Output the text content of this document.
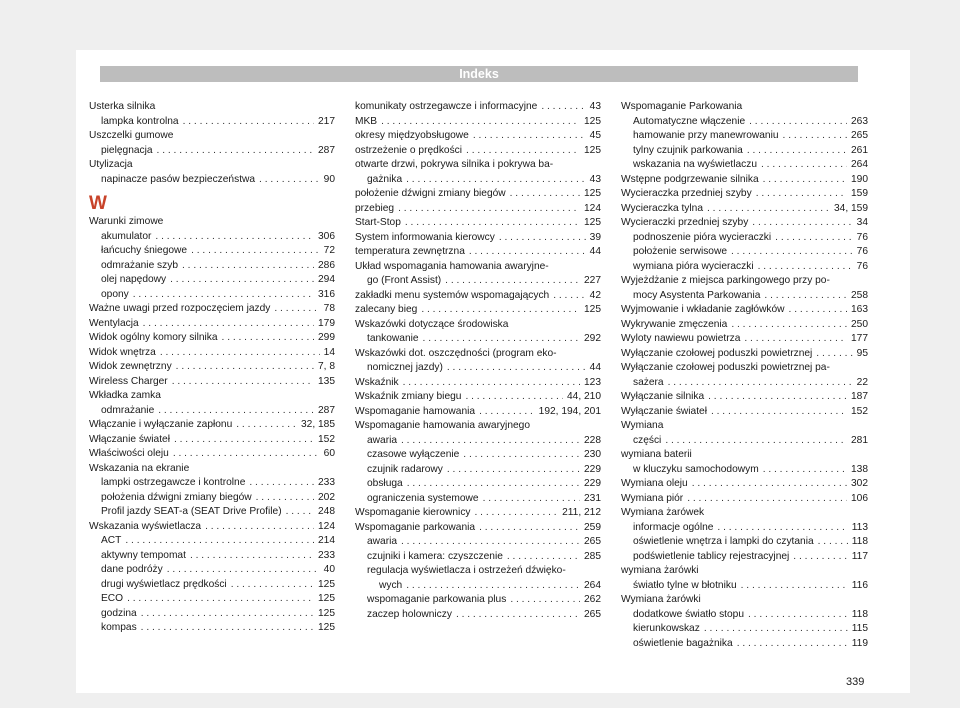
Indeks
Usterka silnika
lampka kontrolna . . .	217
Uszczelki gumowe
pielęgnacja . . .	287
Utylizacja
napinacze pasów bezpieczeństwa . . .	90
W
Warunki zimowe
akumulator . . .	306
łańcuchy śniegowe . . .	72
odmrażanie szyb . . .	286
olej napędowy . . .	294
opony . . .	316
Ważne uwagi przed rozpoczęciem jazdy . . .	78
Wentylacja . . .	179
Widok ogólny komory silnika . . .	299
Widok wnętrza . . .	14
Widok zewnętrzny . . .	7, 8
Wireless Charger . . .	135
Wkładka zamka
odmrażanie . . .	287
Włączanie i wyłączanie zapłonu . . .	32, 185
Włączanie świateł . . .	152
Właściwości oleju . . .	60
Wskazania na ekranie
lampki ostrzegawcze i kontrolne . . .	233
położenia dźwigni zmiany biegów . . .	202
Profil jazdy SEAT-a (SEAT Drive Profile) . . .	248
Wskazania wyświetlacza . . .	124
ACT . . .	214
aktywny tempomat . . .	233
dane podróży . . .	40
drugi wyświetlacz prędkości . . .	125
ECO . . .	125
godzina . . .	125
kompas . . .	125
komunikaty ostrzegawcze i informacyjne . . .	43
MKB . . .	125
okresy międzyobsługowe . . .	45
ostrzeżenie o prędkości . . .	125
otwarte drzwi, pokrywa silnika i pokrywa ba-
gażnika . . .	43
położenie dźwigni zmiany biegów . . .	125
przebieg . . .	124
Start-Stop . . .	125
System informowania kierowcy . . .	39
temperatura zewnętrzna . . .	44
Układ wspomagania hamowania awaryjne-
go (Front Assist) . . .	227
zakładki menu systemów wspomagających . . .	42
zalecany bieg . . .	125
Wskazówki dotyczące środowiska
tankowanie . . .	292
Wskazówki dot. oszczędności (program eko-
nomicznej jazdy) . . .	44
Wskaźnik . . .	123
Wskaźnik zmiany biegu . . .	44, 210
Wspomaganie hamowania . . .	192, 194, 201
Wspomaganie hamowania awaryjnego
awaria . . .	228
czasowe wyłączenie . . .	230
czujnik radarowy . . .	229
obsługa . . .	229
ograniczenia systemowe . . .	231
Wspomaganie kierownicy . . .	211, 212
Wspomaganie parkowania . . .	259
awaria . . .	265
czujniki i kamera: czyszczenie . . .	285
regulacja wyświetlacza i ostrzeżeń dźwięko-
wych . . .	264
wspomaganie parkowania plus . . .	262
zaczep holowniczy . . .	265
Wspomaganie Parkowania
Automatyczne włączenie . . .	263
hamowanie przy manewrowaniu . . .	265
tylny czujnik parkowania . . .	261
wskazania na wyświetlaczu . . .	264
Wstępne podgrzewanie silnika . . .	190
Wycieraczka przedniej szyby . . .	159
Wycieraczka tylna . . .	34, 159
Wycieraczki przedniej szyby . . .	34
podnoszenie pióra wycieraczki . . .	76
położenie serwisowe . . .	76
wymiana pióra wycieraczki . . .	76
Wyjeżdżanie z miejsca parkingowego przy po-
mocy Asystenta Parkowania . . .	258
Wyjmowanie i wkładanie zagłówków . . .	163
Wykrywanie zmęczenia . . .	250
Wyloty nawiewu powietrza . . .	177
Wyłączanie czołowej poduszki powietrznej . . .	95
Wyłączanie czołowej poduszki powietrznej pa-
sażera . . .	22
Wyłączanie silnika . . .	187
Wyłączanie świateł . . .	152
Wymiana
części . . .	281
wymiana baterii
w kluczyku samochodowym . . .	138
Wymiana oleju . . .	302
Wymiana piór . . .	106
Wymiana żarówek
informacje ogólne . . .	113
oświetlenie wnętrza i lampki do czytania . . .	118
podświetlenie tablicy rejestracyjnej . . .	117
wymiana żarówki
światło tylne w błotniku . . .	116
Wymiana żarówki
dodatkowe światło stopu . . .	118
kierunkowskaz . . .	115
oświetlenie bagażnika . . .	119
339
